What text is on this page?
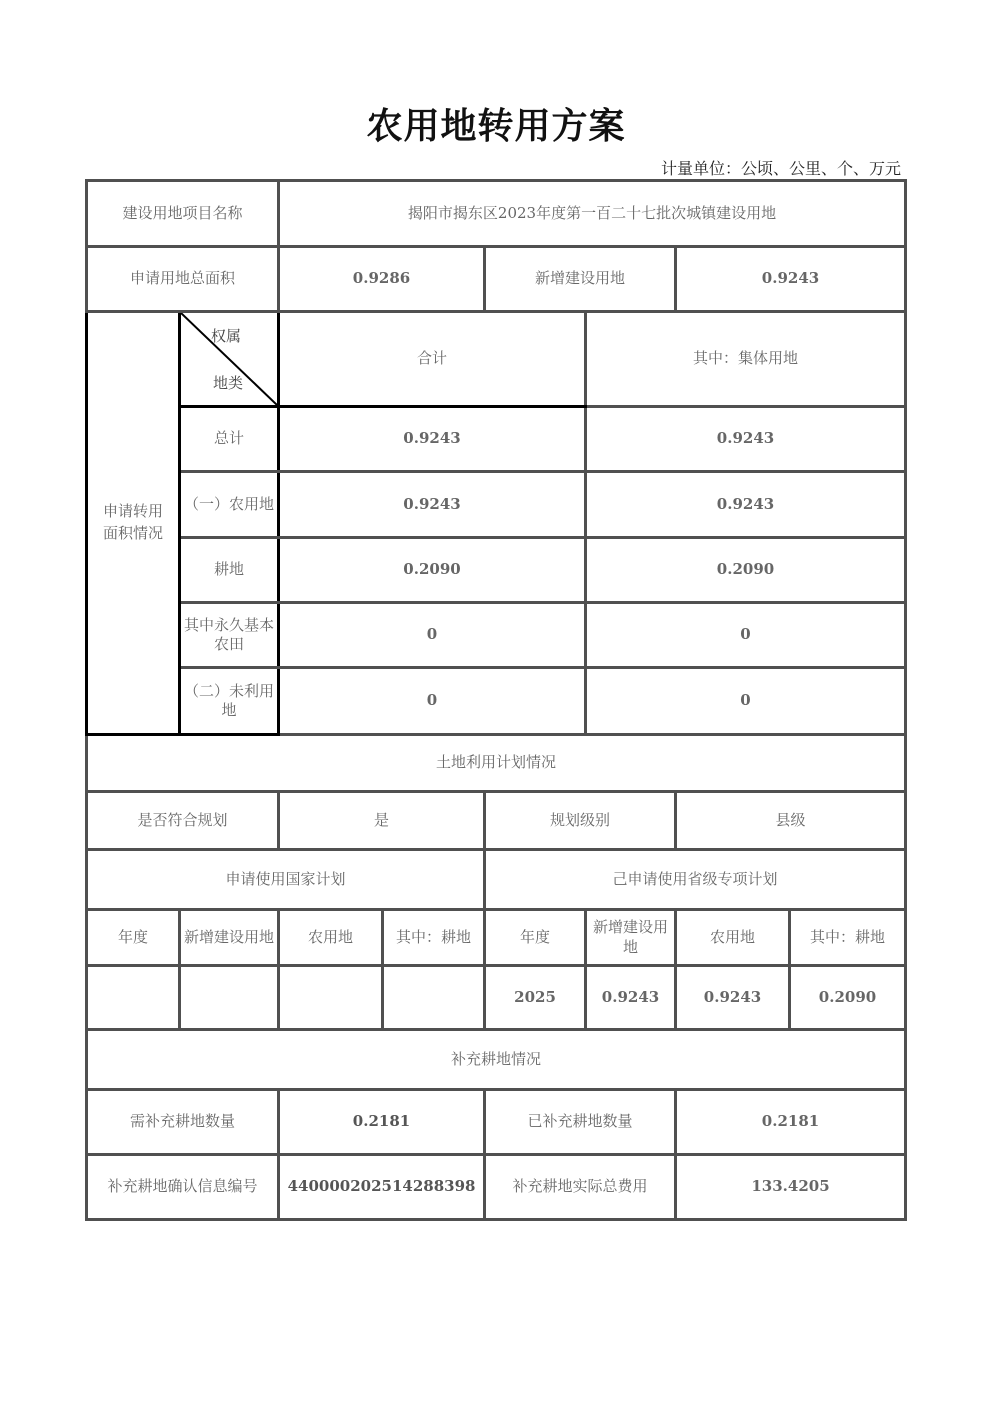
农用地转用方案
计量单位：公顷、公里、个、万元
建设用地项目名称		揭阳市揭东区2023年度第一百二十七批次城镇建设用地					
申请用地总面积		0.9286		新增建设用地		0.9243	

申请转用面积情况	权属
地类	合计			其中：集体用地		
	总计	0.9243			0.9243		
	（一）农用地	0.9243			0.9243		
	耕地	0.2090			0.2090		
	其中永久基本农田	0			0		
	（二）未利用地	0			0		
土地利用计划情况							
是否符合规划		是		规划级别		县级	
申请使用国家计划				己申请使用省级专项计划			
年度	新增建设用地	农用地	其中：耕地	年度	新增建设用地	农用地	其中：耕地
				2025	0.9243	0.9243	0.2090
补充耕地情况							
需补充耕地数量		0.2181		已补充耕地数量		0.2181	
补充耕地确认信息编号		440000202514288398		补充耕地实际总费用		133.4205	
